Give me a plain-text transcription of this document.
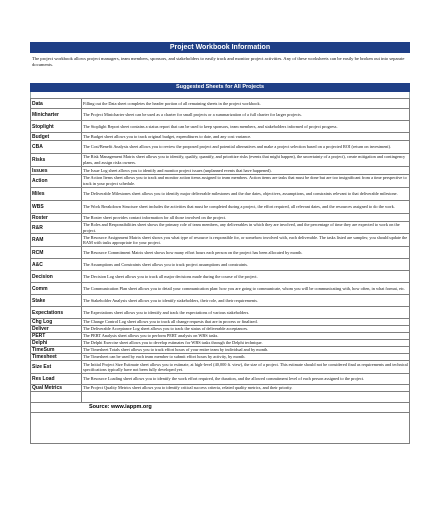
Project Workbook Information
The project workbook allows project managers, team members, sponsors, and stakeholders to easily track and monitor project activities. Any of these worksheets can be easily be broken out into separate documents.
Suggested Sheets for All Projects
Data	Filling out the Data sheet completes the header portion of all remaining sheets in the project workbook.
Minicharter	The Project Minicharter sheet can be used as a charter for small projects or a summarization of a full charter for larger projects.
Stoplight	The Stoplight Report sheet contains a status report that can be used to keep sponsors, team members, and stakeholders informed of project progress.
Budget	The Budget sheet allows you to track original budget, expenditures to date, and any cost variance.
CBA	The Cost/Benefit Analysis sheet allows you to review the proposed project and potential alternatives and make a project selection based on a projected ROI (return on investment).
Risks	The Risk Management Matrix sheet allows you to identify, qualify, quantify, and prioritize risks (events that might happen), the uncertainty of a project), create mitigation and contingency plans, and assign risks owners.
Issues	The Issue Log sheet allows you to identify and monitor project issues (unplanned events that have happened).
Action	The Action Items sheet allows you to track and monitor action items assigned to team members. Action items are tasks that must be done but are too insignificant from a time perspective to track in your project schedule.
Miles	The Deliverable Milestones sheet allows you to identify major deliverable milestones and the due dates, objectives, assumptions, and constraints relevant to that deliverable milestone.
WBS	The Work Breakdown Structure sheet includes the activities that must be completed during a project, the effort required, all relevant dates, and the resources assigned to do the work.
Roster	The Roster sheet provides contact information for all those involved on the project.
R&R	The Roles and Responsibilities sheet shows the primary role of team members, any deliverables in which they are involved, and the percentage of time they are expected to work on the project.
RAM	The Resource Assignment Matrix sheet shows you what type of resource is responsible for, or somehow involved with, each deliverable. The tasks listed are samples; you should update the RAM with tasks appropriate for your project.
RCM	The Resource Commitment Matrix sheet shows how many effort hours each person on the project has been allocated by month.
A&C	The Assumptions and Constraints sheet allows you to track project assumptions and constraints.
Decision	The Decision Log sheet allows you to track all major decisions made during the course of the project.
Comm	The Communication Plan sheet allows you to detail your communication plan: how you are going to communicate, whom you will be communicating with, how often, in what format, etc.
Stake	The Stakeholder Analysis sheet allows you to identify stakeholders, their role, and their requirements.
Expectations	The Expectations sheet allows you to identify and track the expectations of various stakeholders.
Chg Log	The Change Control Log sheet allows you to track all change requests that are in process or finalized.
Deliver	The Deliverable Acceptance Log sheet allows you to track the status of deliverable acceptances.
PERT	The PERT Analysis sheet allows you to perform PERT analysis on WBS tasks.
Delphi	The Delphi Exercise sheet allows you to develop estimates for WBS tasks through the Delphi technique.
TimeSum	The Timesheet Totals sheet allows you to track effort hours of your entire team by individual and by month.
Timesheet	The Timesheet can be used by each team member to submit effort hours by activity, by month.
Size Est	The Initial Project Size Estimate sheet allows you to estimate, at high-level (40,000 ft. view), the size of a project. This estimate should not be considered final as requirements and technical specifications typically have not been fully developed yet.
Res Load	The Resource Loading sheet allows you to identify the work effort required, the duration, and the allowed commitment level of each person assigned to the project.
Qual Metrics	The Project Quality Metrics sheet allows you to identify critical success criteria, related quality metrics, and their priority.

Source: www.iappm.org
